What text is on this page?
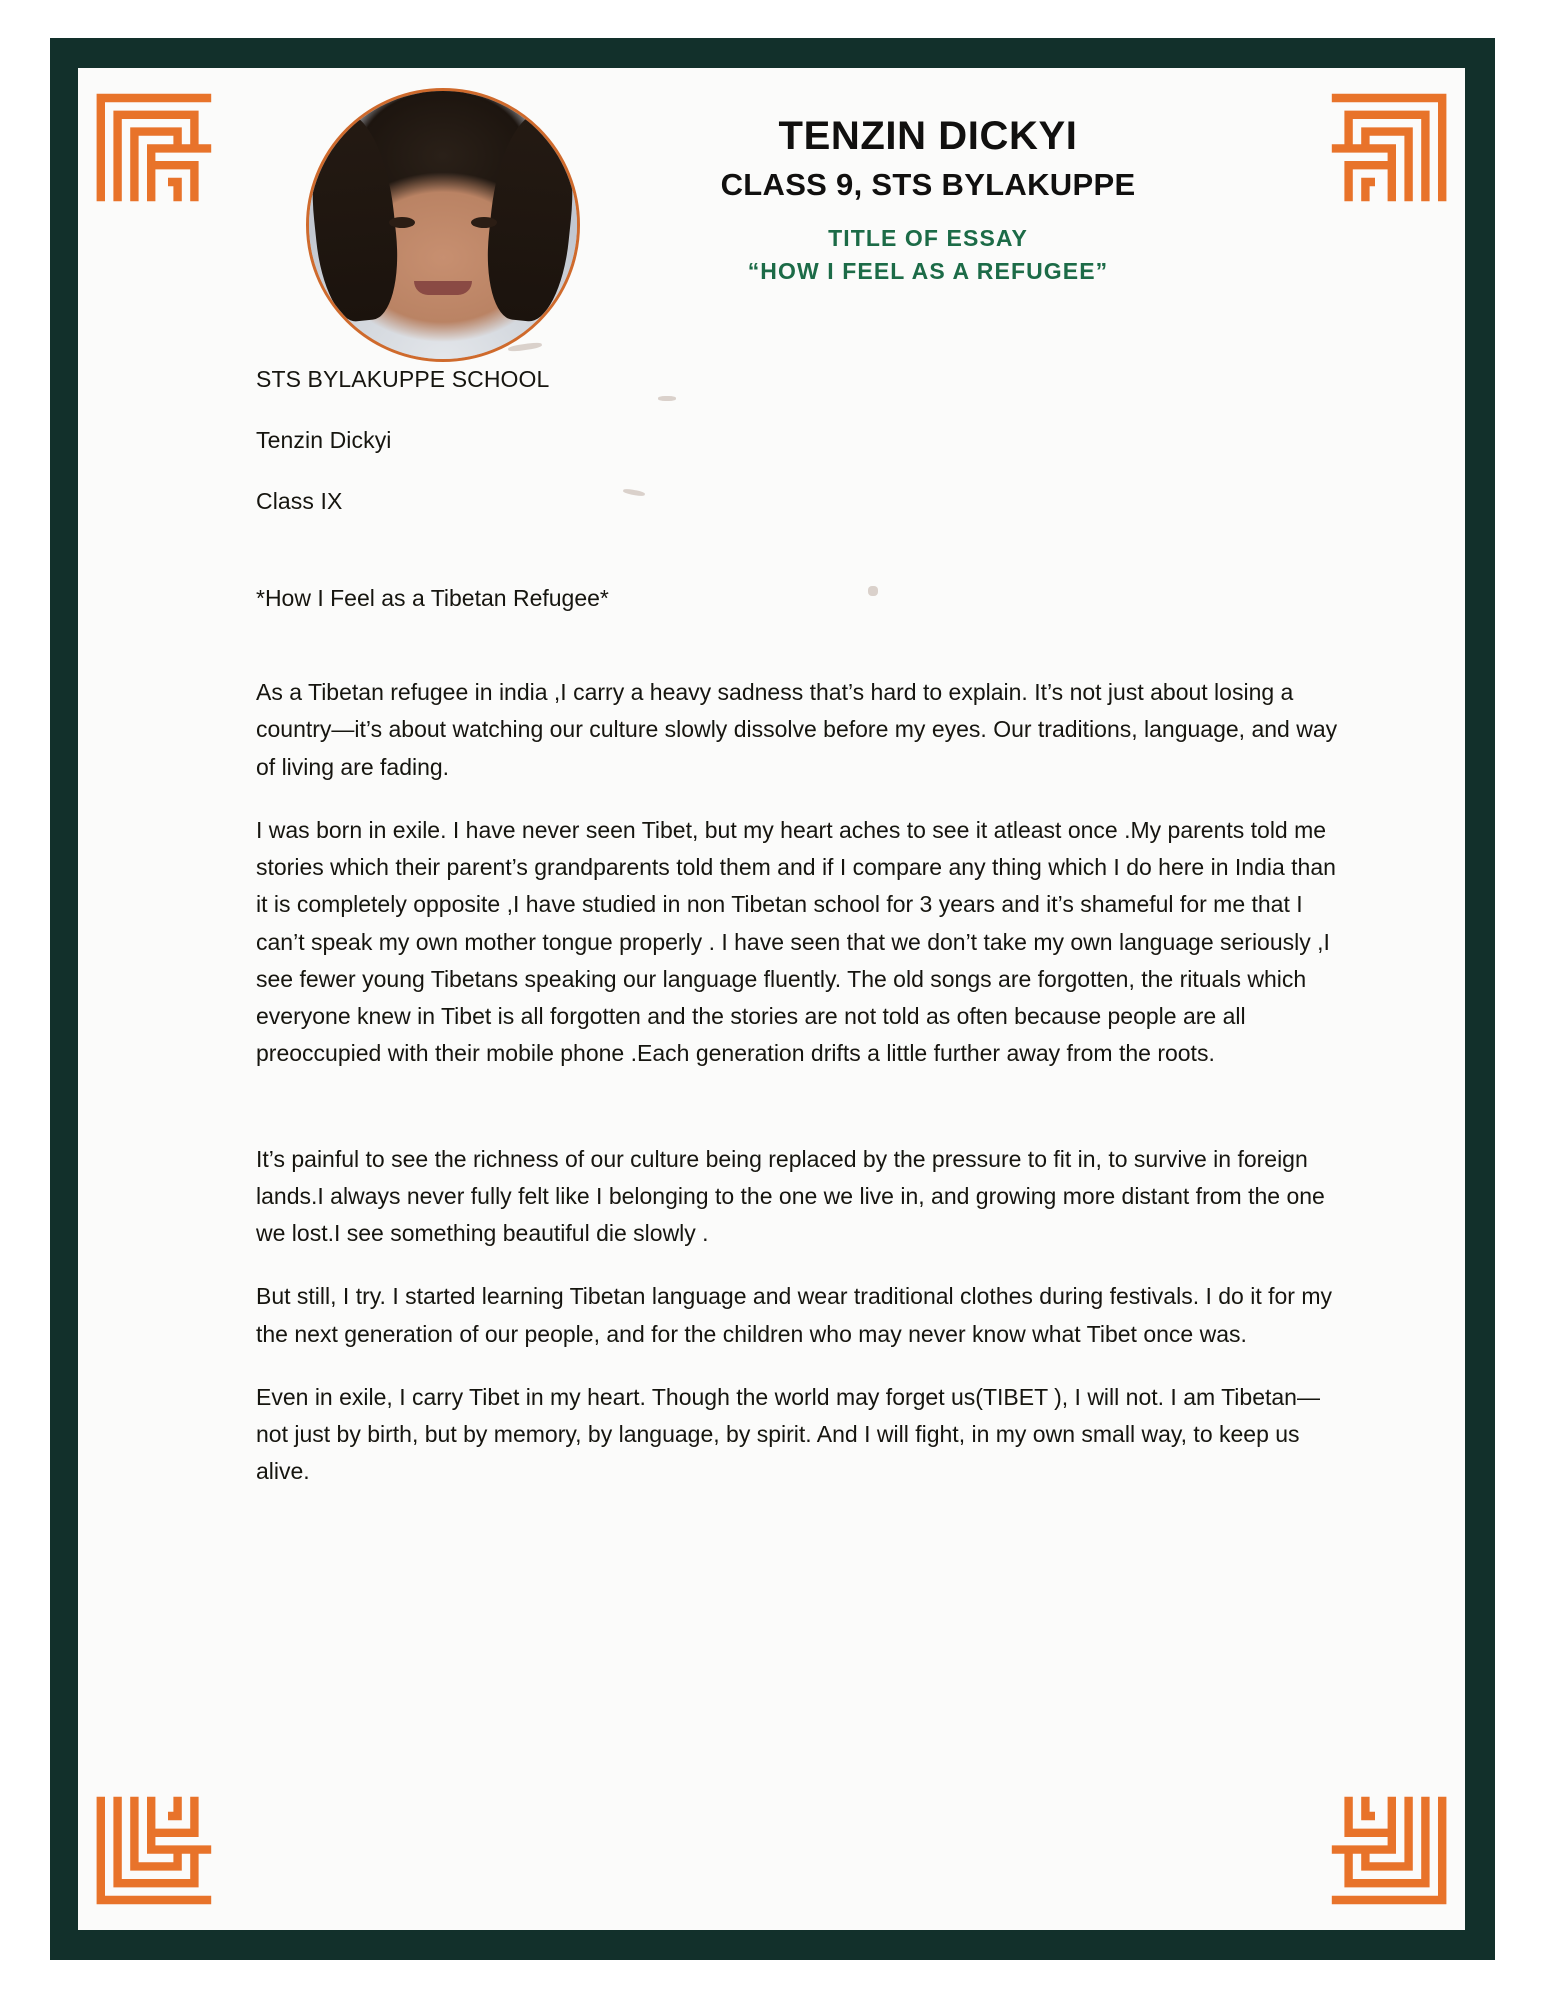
TENZIN DICKYI
CLASS 9, STS BYLAKUPPE
TITLE OF ESSAY
“HOW I FEEL AS A REFUGEE”

STS BYLAKUPPE SCHOOL

Tenzin Dickyi

Class IX

*How I Feel as a Tibetan Refugee*

As a Tibetan refugee in india ,I carry a heavy sadness that’s hard to explain. It’s not just about losing a country—it’s about watching our culture slowly dissolve before my eyes. Our traditions, language, and way of living are fading.

I was born in exile. I have never seen Tibet, but my heart aches to see it atleast once .My parents told me stories which their parent’s grandparents told them and if I compare any thing which I do here in India than it is completely opposite ,I have studied in non Tibetan school for 3 years and it’s shameful for me that I can’t speak my own mother tongue properly . I have seen that we don’t take my own language seriously ,I see fewer young Tibetans speaking our language fluently. The old songs are forgotten, the rituals which everyone knew in Tibet is all forgotten and the stories are not told as often because people are all preoccupied with their mobile phone .Each generation drifts a little further away from the roots.

It’s painful to see the richness of our culture being replaced by the pressure to fit in, to survive in foreign lands.I always never fully felt like I belonging to the one we live in, and growing more distant from the one we lost.I see something beautiful die slowly .

But still, I try. I started learning Tibetan language and wear traditional clothes during festivals. I do it for my the next generation of our people, and for the children who may never know what Tibet once was.

Even in exile, I carry Tibet in my heart. Though the world may forget us(TIBET ), I will not. I am Tibetan—not just by birth, but by memory, by language, by spirit. And I will fight, in my own small way, to keep us alive.
